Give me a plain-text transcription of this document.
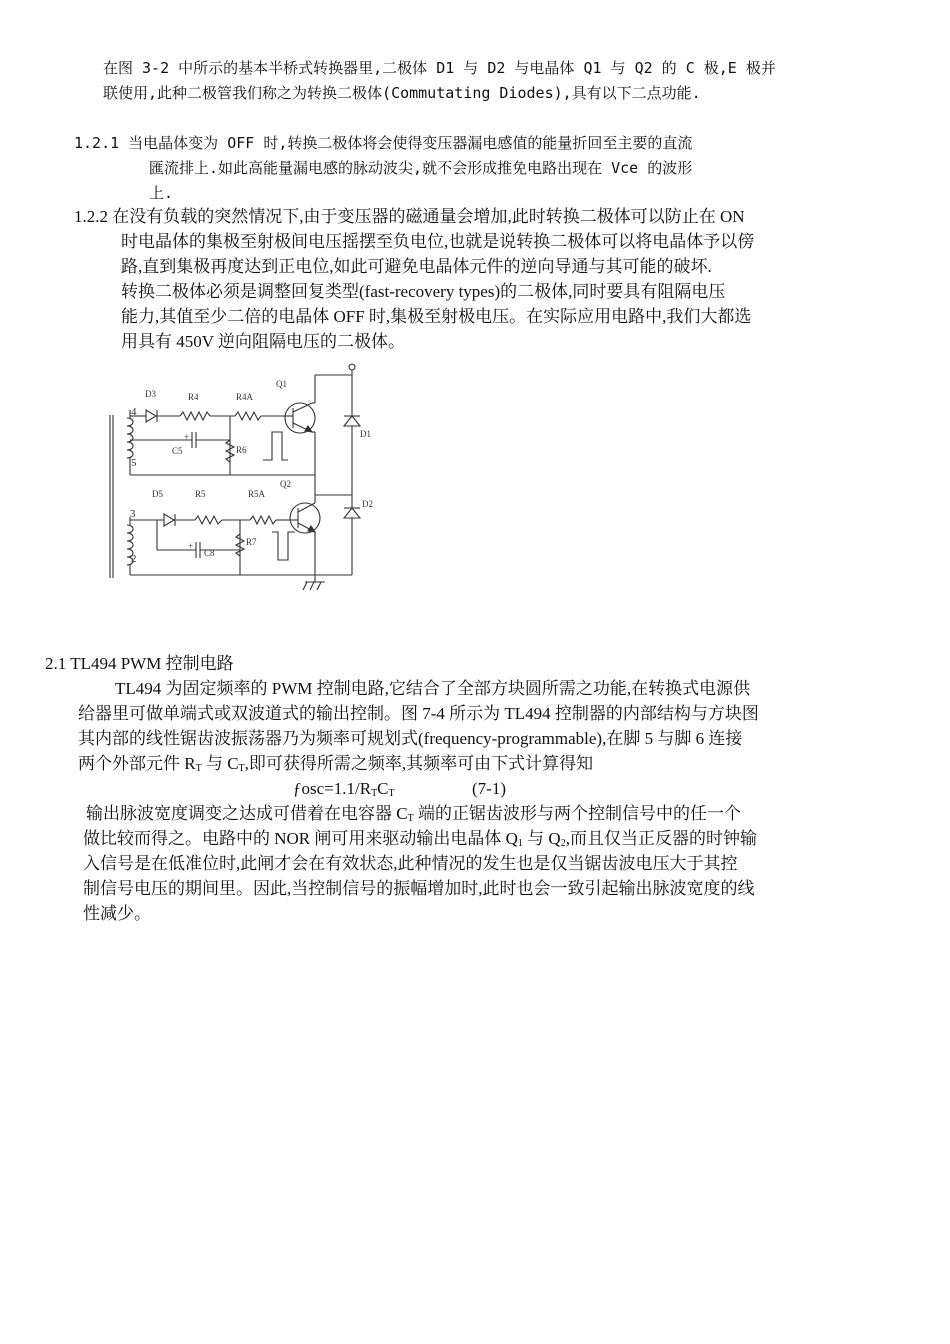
在图 3-2 中所示的基本半桥式转换器里,二极体 D1 与 D2 与电晶体 Q1 与 Q2 的 C 极,E 极并
联使用,此种二极管我们称之为转换二极体(Commutating Diodes),具有以下二点功能.
1.2.1 当电晶体变为 OFF 时,转换二极体将会使得变压器漏电感值的能量折回至主要的直流
匯流排上.如此高能量漏电感的脉动波尖,就不会形成推免电路出现在 Vce 的波形
上.
1.2.2 在没有负载的突然情况下,由于变压器的磁通量会增加,此时转换二极体可以防止在 ON
时电晶体的集极至射极间电压摇摆至负电位,也就是说转换二极体可以将电晶体予以傍
路,直到集极再度达到正电位,如此可避免电晶体元件的逆向导通与其可能的破坏.
转换二极体必须是调整回复类型(fast-recovery types)的二极体,同时要具有阻隔电压
能力,其值至少二倍的电晶体 OFF 时,集极至射极电压。在实际应用电路中,我们大都选
用具有 450V 逆向阻隔电压的二极体。
D3	R4	R4A
Q1
D1
C5
+
R6
4
5
D5	R5	R5A
Q2
D2
C8
+	R7
3
2
2.1 TL494 PWM 控制电路
TL494 为固定频率的 PWM 控制电路,它结合了全部方块圆所需之功能,在转换式电源供
给器里可做单端式或双波道式的输出控制。图 7-4 所示为 TL494 控制器的内部结构与方块图
其内部的线性锯齿波振荡器乃为频率可规划式(frequency-programmable),在脚 5 与脚 6 连接
两个外部元件 $R_T$ 与 $C_T$,即可获得所需之频率,其频率可由下式计算得知
$ƒosc=1.1/R_TC_T$	(7-1)
输出脉波宽度调变之达成可借着在电容器 $C_T$ 端的正锯齿波形与两个控制信号中的任一个
做比较而得之。电路中的 NOR 闸可用来驱动输出电晶体 $Q_1$ 与 $Q_2$,而且仅当正反器的时钟输
入信号是在低准位时,此闸才会在有效状态,此种情况的发生也是仅当锯齿波电压大于其控
制信号电压的期间里。因此,当控制信号的振幅增加时,此时也会一致引起输出脉波宽度的线
性减少。
